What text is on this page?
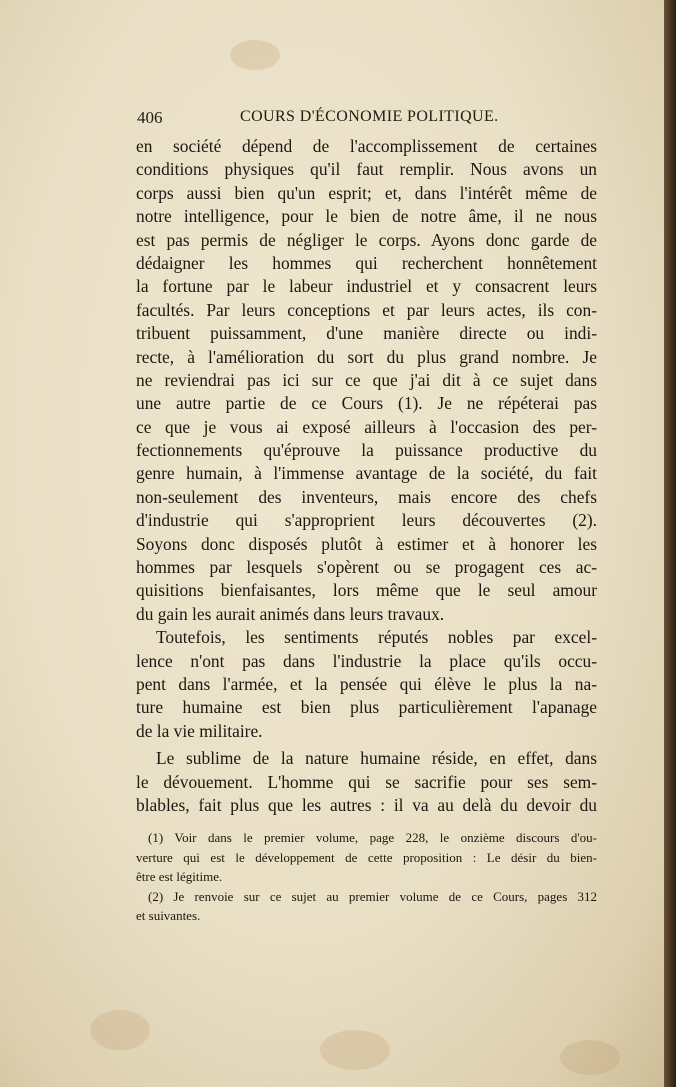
406	COURS D'ÉCONOMIE POLITIQUE.
en société dépend de l'accomplissement de certaines
conditions physiques qu'il faut remplir. Nous avons un
corps aussi bien qu'un esprit; et, dans l'intérêt même de
notre intelligence, pour le bien de notre âme, il ne nous
est pas permis de négliger le corps. Ayons donc garde de
dédaigner les hommes qui recherchent honnêtement
la fortune par le labeur industriel et y consacrent leurs
facultés. Par leurs conceptions et par leurs actes, ils con-
tribuent puissamment, d'une manière directe ou indi-
recte, à l'amélioration du sort du plus grand nombre. Je
ne reviendrai pas ici sur ce que j'ai dit à ce sujet dans
une autre partie de ce Cours (1). Je ne répéterai pas
ce que je vous ai exposé ailleurs à l'occasion des per-
fectionnements qu'éprouve la puissance productive du
genre humain, à l'immense avantage de la société, du fait
non-seulement des inventeurs, mais encore des chefs
d'industrie qui s'approprient leurs découvertes (2).
Soyons donc disposés plutôt à estimer et à honorer les
hommes par lesquels s'opèrent ou se progagent ces ac-
quisitions bienfaisantes, lors même que le seul amour
du gain les aurait animés dans leurs travaux.
Toutefois, les sentiments réputés nobles par excel-
lence n'ont pas dans l'industrie la place qu'ils occu-
pent dans l'armée, et la pensée qui élève le plus la na-
ture humaine est bien plus particulièrement l'apanage
de la vie militaire.
Le sublime de la nature humaine réside, en effet, dans
le dévouement. L'homme qui se sacrifie pour ses sem-
blables, fait plus que les autres : il va au delà du devoir du
(1) Voir dans le premier volume, page 228, le onzième discours d'ou-
verture qui est le développement de cette proposition : Le désir du bien-
être est légitime.
(2) Je renvoie sur ce sujet au premier volume de ce Cours, pages 312
et suivantes.
